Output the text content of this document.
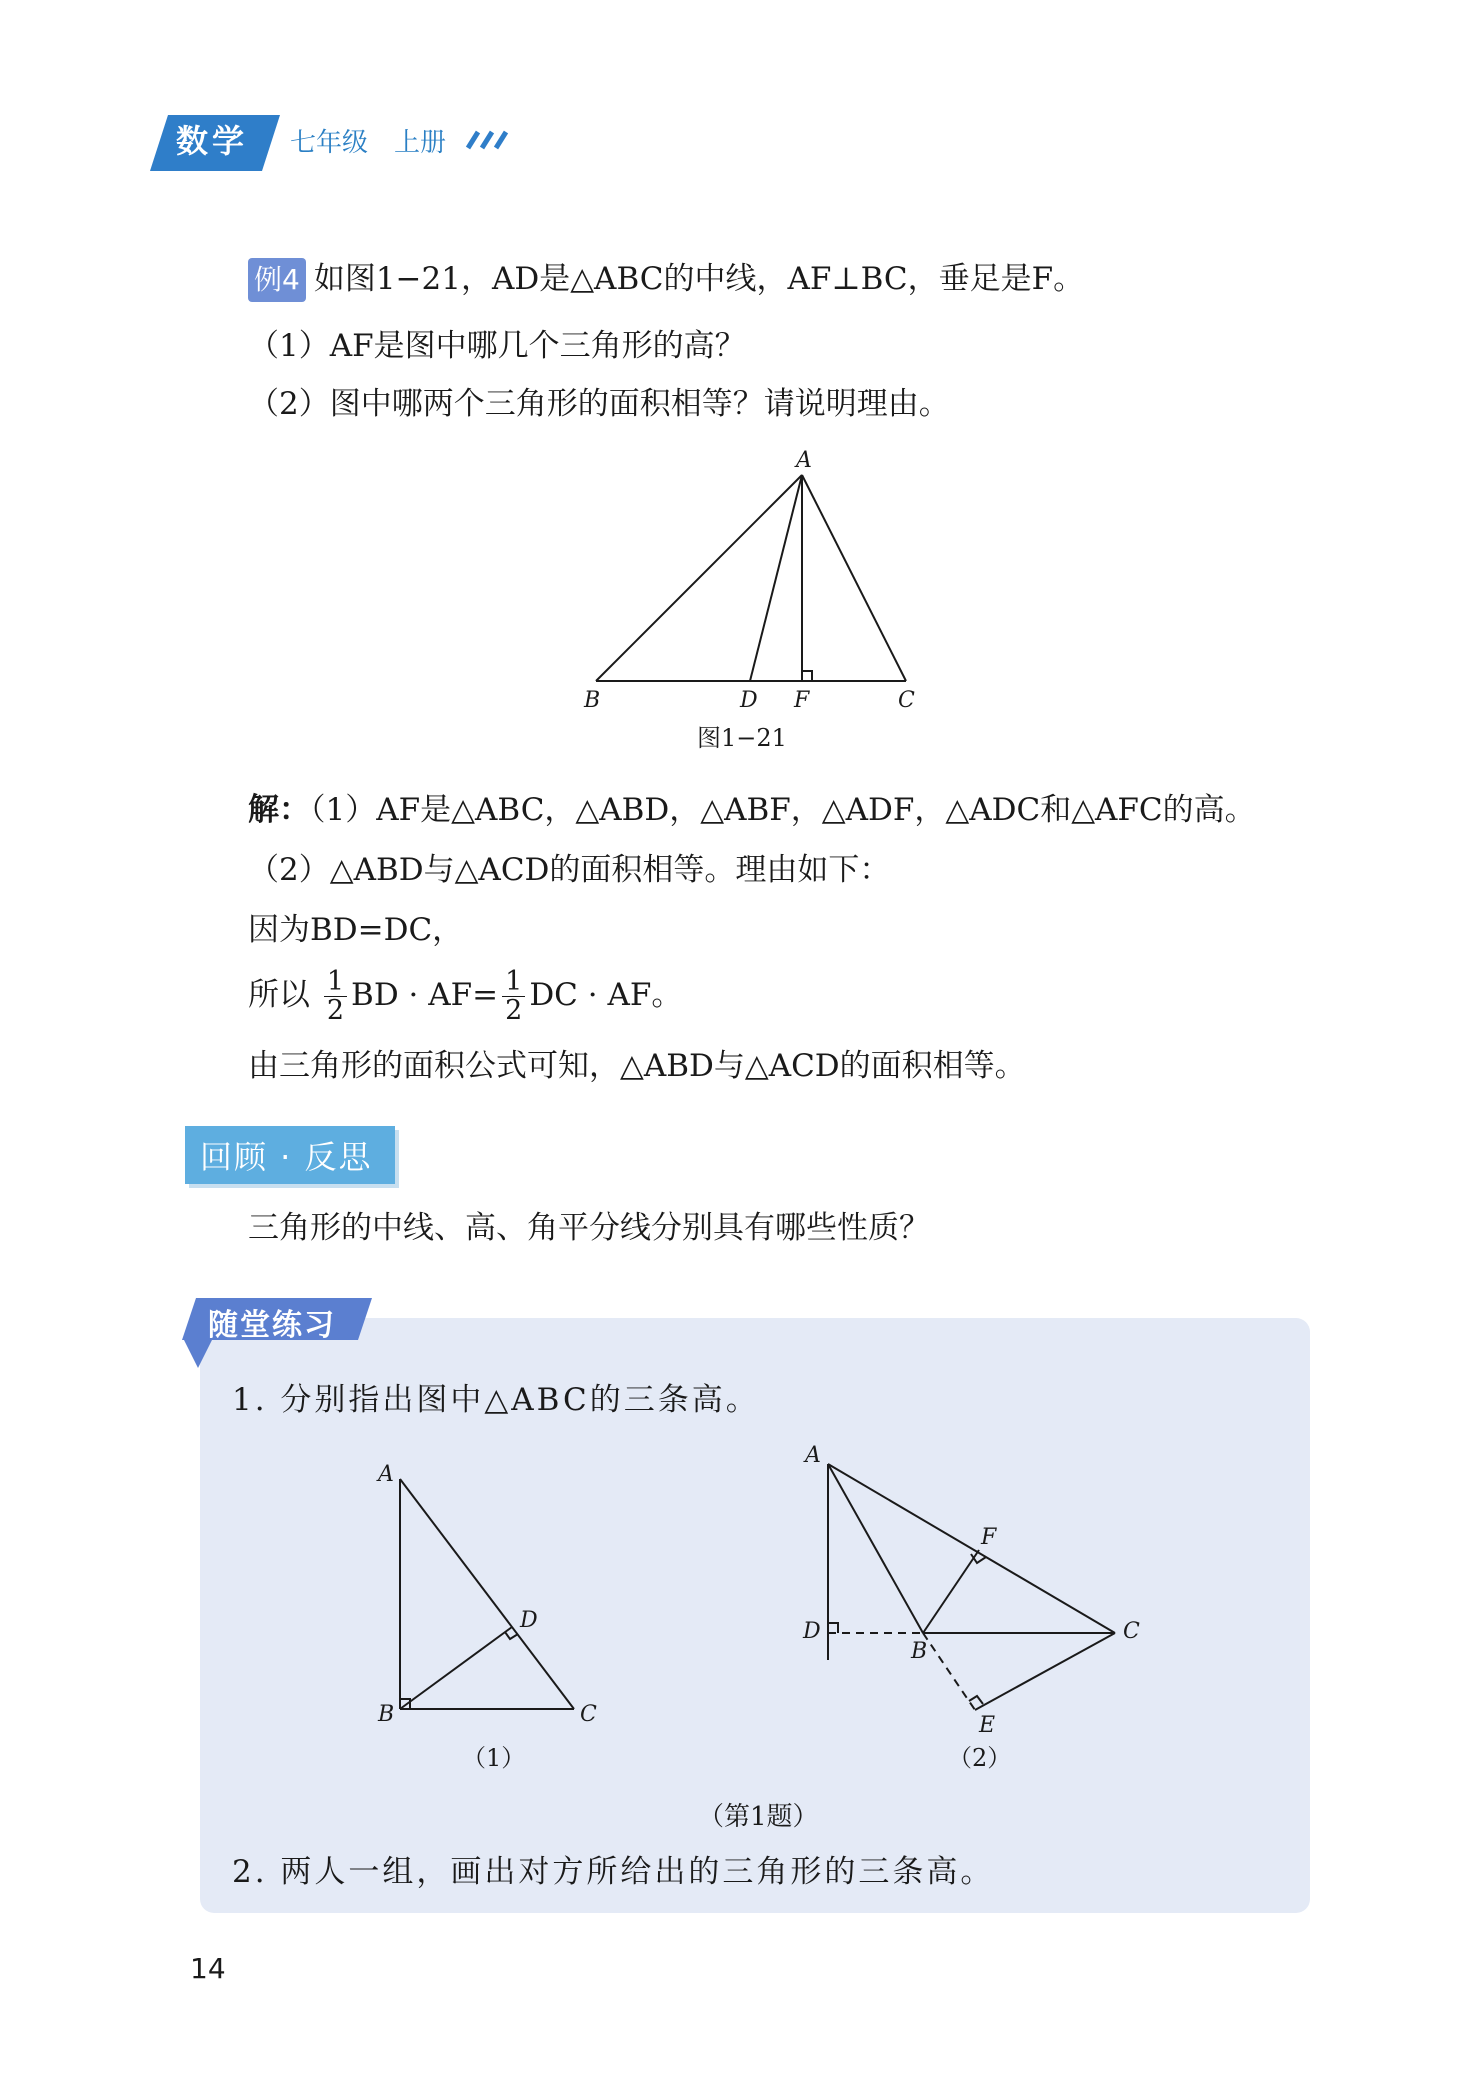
数学 七年级 上册
例4 如图1−21，AD是△ABC的中线，AF⊥BC，垂足是F。
（1）AF是图中哪几个三角形的高？
（2）图中哪两个三角形的面积相等？请说明理由。
A
B	D F	C
图1−21
解：（1）AF是△ABC，△ABD，△ABF，△ADF，△ADC和△AFC的高。
（2）△ABD与△ACD的面积相等。理由如下：
因为BD=DC，
所以 $\frac{1}{2}$ BD · $AF= \frac{1}{2}$ DC · AF。
由三角形的面积公式可知，△ABD与△ACD的面积相等。
回顾 · 反思
三角形的中线、高、角平分线分别具有哪些性质？
随堂练习
1. 分别指出图中△ABC的三条高。
A
D
B	C
（1）
A
F
D
B
C
E
（2）
（第1题）
2. 两人一组，画出对方所给出的三角形的三条高。
14
